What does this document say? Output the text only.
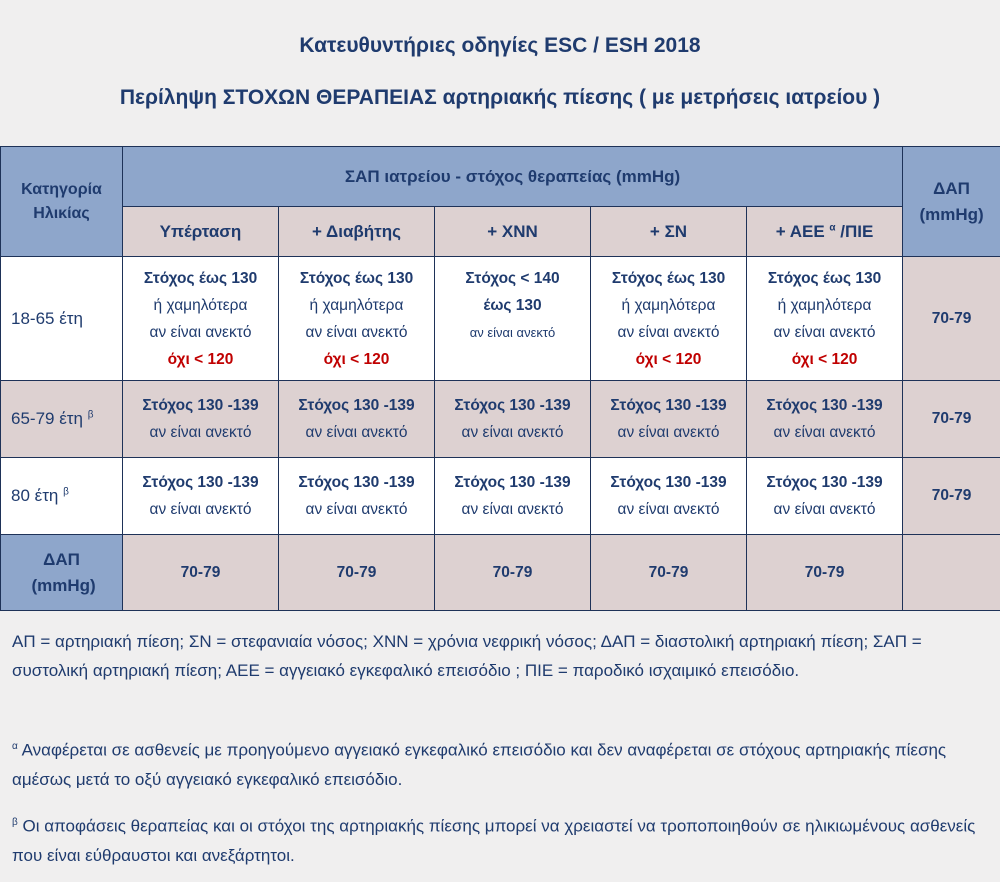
Κατευθυντήριες οδηγίες ESC / ESH 2018
Περίληψη ΣΤΟΧΩΝ ΘΕΡΑΠΕΙΑΣ αρτηριακής πίεσης ( με μετρήσεις ιατρείου )
Κατηγορία Ηλικίας	ΣΑΠ ιατρείου - στόχος θεραπείας (mmHg)					ΔΑΠ (mmHg)

	Υπέρταση	+ Διαβήτης	+ ΧΝΝ	+ ΣΝ	+ ΑΕΕ $^\alpha$ /ΠΙΕ	
18-65 έτη	Στόχος έως 130
ή χαμηλότερα
αν είναι ανεκτό
όχι < 120	Στόχος έως 130
ή χαμηλότερα
αν είναι ανεκτό
όχι < 120	Στόχος < 140
έως 130
αν είναι ανεκτό	Στόχος έως 130
ή χαμηλότερα
αν είναι ανεκτό
όχι < 120	Στόχος έως 130
ή χαμηλότερα
αν είναι ανεκτό
όχι < 120	70-79
65-79 έτη $^\beta$	Στόχος 130 -139
αν είναι ανεκτό	Στόχος 130 -139
αν είναι ανεκτό	Στόχος 130 -139
αν είναι ανεκτό	Στόχος 130 -139
αν είναι ανεκτό	Στόχος 130 -139
αν είναι ανεκτό	70-79
80 έτη $^\beta$	Στόχος 130 -139
αν είναι ανεκτό	Στόχος 130 -139
αν είναι ανεκτό	Στόχος 130 -139
αν είναι ανεκτό	Στόχος 130 -139
αν είναι ανεκτό	Στόχος 130 -139
αν είναι ανεκτό	70-79

ΔΑΠ (mmHg)	70-79	70-79	70-79	70-79	70-79	
ΑΠ = αρτηριακή πίεση; ΣΝ = στεφανιαία νόσος; ΧΝΝ = χρόνια νεφρική νόσος; ΔΑΠ = διαστολική αρτηριακή πίεση; ΣΑΠ = συστολική αρτηριακή πίεση; ΑΕΕ = αγγειακό εγκεφαλικό επεισόδιο ; ΠΙΕ = παροδικό ισχαιμικό επεισόδιο.
$^\alpha$ Αναφέρεται σε ασθενείς με προηγούμενο αγγειακό εγκεφαλικό επεισόδιο και δεν αναφέρεται σε στόχους αρτηριακής πίεσης αμέσως μετά το οξύ αγγειακό εγκεφαλικό επεισόδιο.
$^\beta$ Οι αποφάσεις θεραπείας και οι στόχοι της αρτηριακής πίεσης μπορεί να χρειαστεί να τροποποιηθούν σε ηλικιωμένους ασθενείς που είναι εύθραυστοι και ανεξάρτητοι.
